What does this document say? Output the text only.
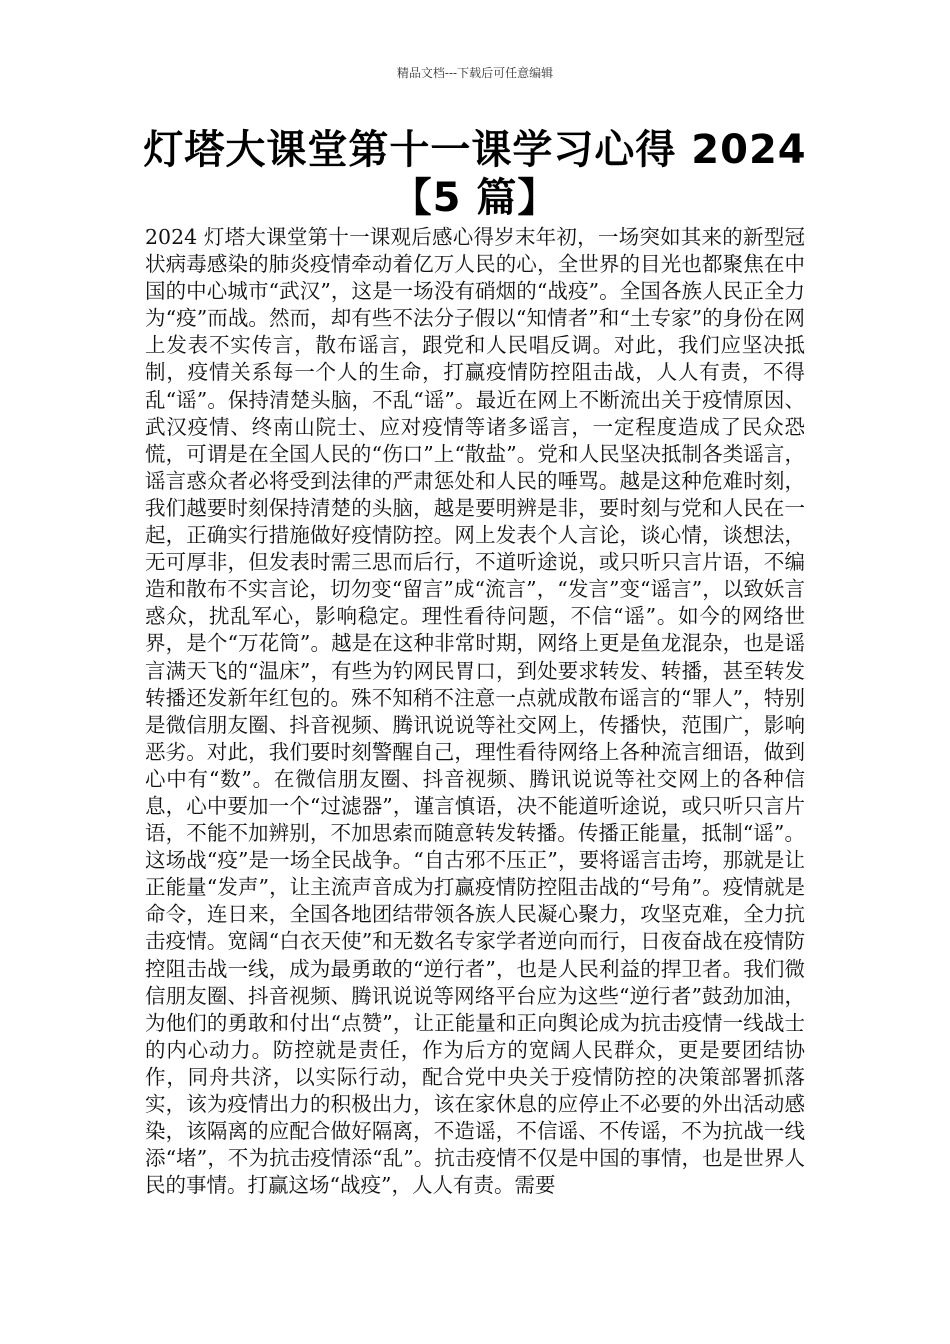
精品文档---下载后可任意编辑
灯塔大课堂第十一课学习心得 2024【5 篇】
2024 灯塔大课堂第十一课观后感心得岁末年初，一场突如其来的新型冠状病毒感染的肺炎疫情牵动着亿万人民的心，全世界的目光也都聚焦在中国的中心城市“武汉”，这是一场没有硝烟的“战疫”。全国各族人民正全力为“疫”而战。然而，却有些不法分子假以“知情者”和“土专家”的身份在网上发表不实传言，散布谣言，跟党和人民唱反调。对此，我们应坚决抵制，疫情关系每一个人的生命，打赢疫情防控阻击战，人人有责，不得乱“谣”。保持清楚头脑，不乱“谣”。最近在网上不断流出关于疫情原因、武汉疫情、终南山院士、应对疫情等诸多谣言，一定程度造成了民众恐慌，可谓是在全国人民的“伤口”上“散盐”。党和人民坚决抵制各类谣言，谣言惑众者必将受到法律的严肃惩处和人民的唾骂。越是这种危难时刻，我们越要时刻保持清楚的头脑，越是要明辨是非，要时刻与党和人民在一起，正确实行措施做好疫情防控。网上发表个人言论，谈心情，谈想法，无可厚非，但发表时需三思而后行，不道听途说，或只听只言片语，不编造和散布不实言论，切勿变“留言”成“流言”，“发言”变“谣言”，以致妖言惑众，扰乱军心，影响稳定。理性看待问题，不信“谣”。如今的网络世界，是个“万花筒”。越是在这种非常时期，网络上更是鱼龙混杂，也是谣言满天飞的“温床”，有些为钓网民胃口，到处要求转发、转播，甚至转发转播还发新年红包的。殊不知稍不注意一点就成散布谣言的“罪人”，特别是微信朋友圈、抖音视频、腾讯说说等社交网上，传播快，范围广，影响恶劣。对此，我们要时刻警醒自己，理性看待网络上各种流言细语，做到心中有“数”。在微信朋友圈、抖音视频、腾讯说说等社交网上的各种信息，心中要加一个“过滤器”，谨言慎语，决不能道听途说，或只听只言片语，不能不加辨别，不加思索而随意转发转播。传播正能量，抵制“谣”。这场战“疫”是一场全民战争。“自古邪不压正”，要将谣言击垮，那就是让正能量“发声”，让主流声音成为打赢疫情防控阻击战的“号角”。疫情就是命令，连日来，全国各地团结带领各族人民凝心聚力，攻坚克难，全力抗击疫情。宽阔“白衣天使”和无数名专家学者逆向而行，日夜奋战在疫情防控阻击战一线，成为最勇敢的“逆行者”，也是人民利益的捍卫者。我们微信朋友圈、抖音视频、腾讯说说等网络平台应为这些“逆行者”鼓劲加油，为他们的勇敢和付出“点赞”，让正能量和正向舆论成为抗击疫情一线战士的内心动力。防控就是责任，作为后方的宽阔人民群众，更是要团结协作，同舟共济，以实际行动，配合党中央关于疫情防控的决策部署抓落实，该为疫情出力的积极出力，该在家休息的应停止不必要的外出活动感染，该隔离的应配合做好隔离，不造谣，不信谣、不传谣，不为抗战一线添“堵”，不为抗击疫情添“乱”。抗击疫情不仅是中国的事情，也是世界人民的事情。打赢这场“战疫”，人人有责。需要
